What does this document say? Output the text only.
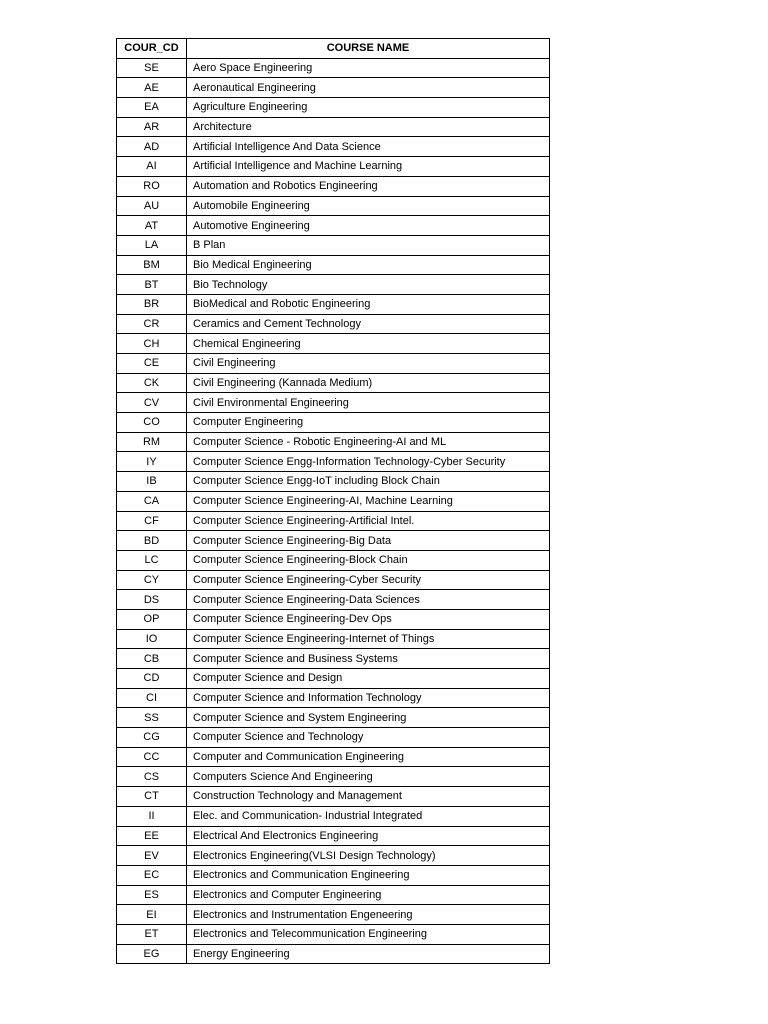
COUR_CD	COURSE NAME
SE	Aero Space Engineering
AE	Aeronautical Engineering
EA	Agriculture Engineering
AR	Architecture
AD	Artificial Intelligence And Data Science
AI	Artificial Intelligence and Machine Learning
RO	Automation and Robotics Engineering
AU	Automobile Engineering
AT	Automotive Engineering
LA	B Plan
BM	Bio Medical Engineering
BT	Bio Technology
BR	BioMedical and Robotic Engineering
CR	Ceramics and Cement Technology
CH	Chemical Engineering
CE	Civil Engineering
CK	Civil Engineering (Kannada Medium)
CV	Civil Environmental Engineering
CO	Computer Engineering
RM	Computer Science - Robotic Engineering-AI and ML
IY	Computer Science Engg-Information Technology-Cyber Security
IB	Computer Science Engg-IoT including Block Chain
CA	Computer Science Engineering-AI, Machine Learning
CF	Computer Science Engineering-Artificial Intel.
BD	Computer Science Engineering-Big Data
LC	Computer Science Engineering-Block Chain
CY	Computer Science Engineering-Cyber Security
DS	Computer Science Engineering-Data Sciences
OP	Computer Science Engineering-Dev Ops
IO	Computer Science Engineering-Internet of Things
CB	Computer Science and Business Systems
CD	Computer Science and Design
CI	Computer Science and Information Technology
SS	Computer Science and System Engineering
CG	Computer Science and Technology
CC	Computer and Communication Engineering
CS	Computers Science And Engineering
CT	Construction Technology and Management
II	Elec. and Communication- Industrial Integrated
EE	Electrical And Electronics Engineering
EV	Electronics Engineering(VLSI Design Technology)
EC	Electronics and Communication Engineering
ES	Electronics and Computer Engineering
EI	Electronics and Instrumentation Engeneering
ET	Electronics and Telecommunication Engineering
EG	Energy Engineering
